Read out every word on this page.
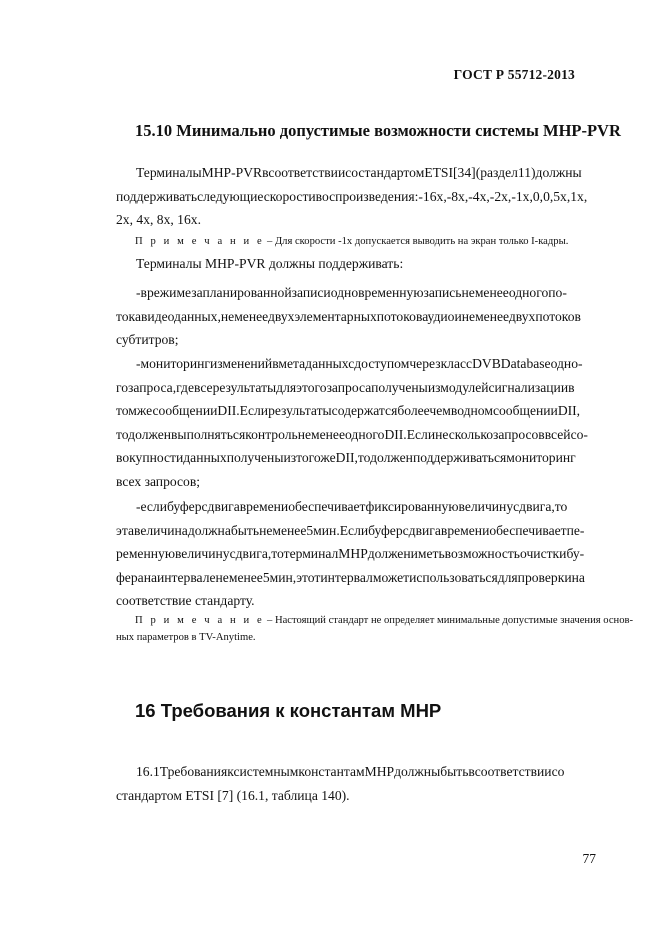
ГОСТ Р 55712-2013
15.10 Минимально допустимые возможности системы MHP-PVR
ТерминалыMHP-PVRвсоответствиисостандартомETSI[34](раздел11)должны
поддерживатьследующиескоростивоспроизведения:-16х,-8х,-4х,-2х,-1х,0,0,5х,1х,
2х, 4х, 8х, 16х.
П р и м е ч а н и е – Для скорости -1х допускается выводить на экран только I-кадры.
Терминалы MHP-PVR должны поддерживать:
-врежимезапланированнойзаписиодновременнуюзаписьнеменееодногопо-
токавидеоданных,неменеедвухэлементарныхпотоковаудиоинеменеедвухпотоков
субтитров;
-мониторингизмененийвметаданныхсдоступомчерезклассDVBDatabaseодно-
гозапроса,гдевсерезультатыдляэтогозапросаполученыизмодулейсигнализациив
томжесообщенииDII.ЕслирезультатысодержатсяболеечемводномсообщенииDII,
тодолженвыполнятьсяконтрольнеменееодногоDII.Еслинесколькозапросоввсейсо-
вокупностиданныхполученыизтогожеDII,тодолженподдерживатьсямониторинг
всех запросов;
-еслибуферсдвигавремениобеспечиваетфиксированнуювеличинусдвига,то
этавеличинадолжнабытьнеменее5мин.Еслибуферсдвигавремениобеспечиваетпе-
ременнуювеличинусдвига,тотерминалMHPдолжениметьвозможностьочисткибу-
феранаинтерваленеменее5мин,этотинтервалможетиспользоватьсядляпроверкина
соответствие стандарту.
П р и м е ч а н и е – Настоящий стандарт не определяет минимальные допустимые значения основ-
ных параметров в TV-Anytime.
16 Требования к константам MHP
16.1ТребованияксистемнымконстантамMHPдолжныбытьвсоответствиисо
стандартом ETSI [7] (16.1, таблица 140).
77
